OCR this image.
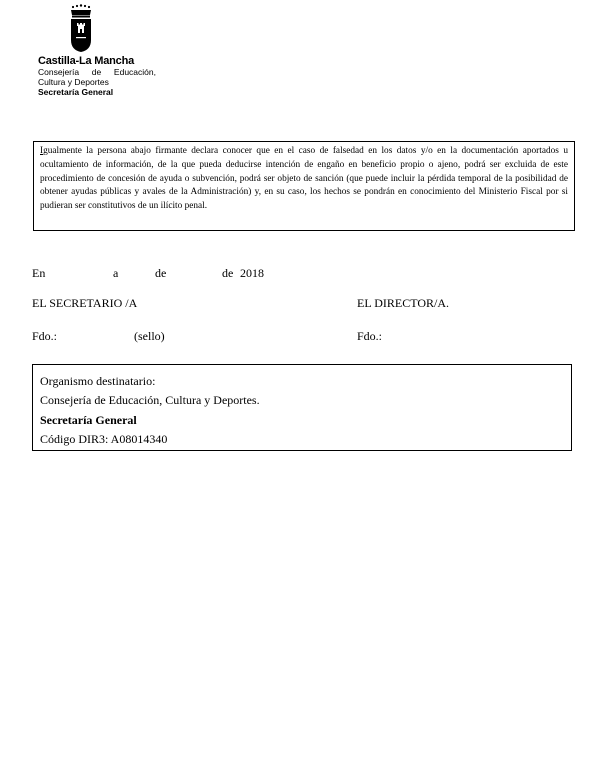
Castilla-La Mancha
Consejería de Educación,
Cultura y Deportes
Secretaría General
Igualmente la persona abajo firmante declara conocer que en el caso de falsedad en los datos y/o en la documentación aportados u ocultamiento de información, de la que pueda deducirse intención de engaño en beneficio propio o ajeno, podrá ser excluida de este procedimiento de concesión de ayuda o subvención, podrá ser objeto de sanción (que puede incluir la pérdida temporal de la posibilidad de obtener ayudas públicas y avales de la Administración) y, en su caso, los hechos se pondrán en conocimiento del Ministerio Fiscal por si pudieran ser constitutivos de un ilícito penal.
En	a	de	de 2018
EL SECRETARIO /A	EL DIRECTOR/A.
Fdo.:	(sello)	Fdo.:
Organismo destinatario:
Consejería de Educación, Cultura y Deportes.
Secretaría General
Código DIR3: A08014340
